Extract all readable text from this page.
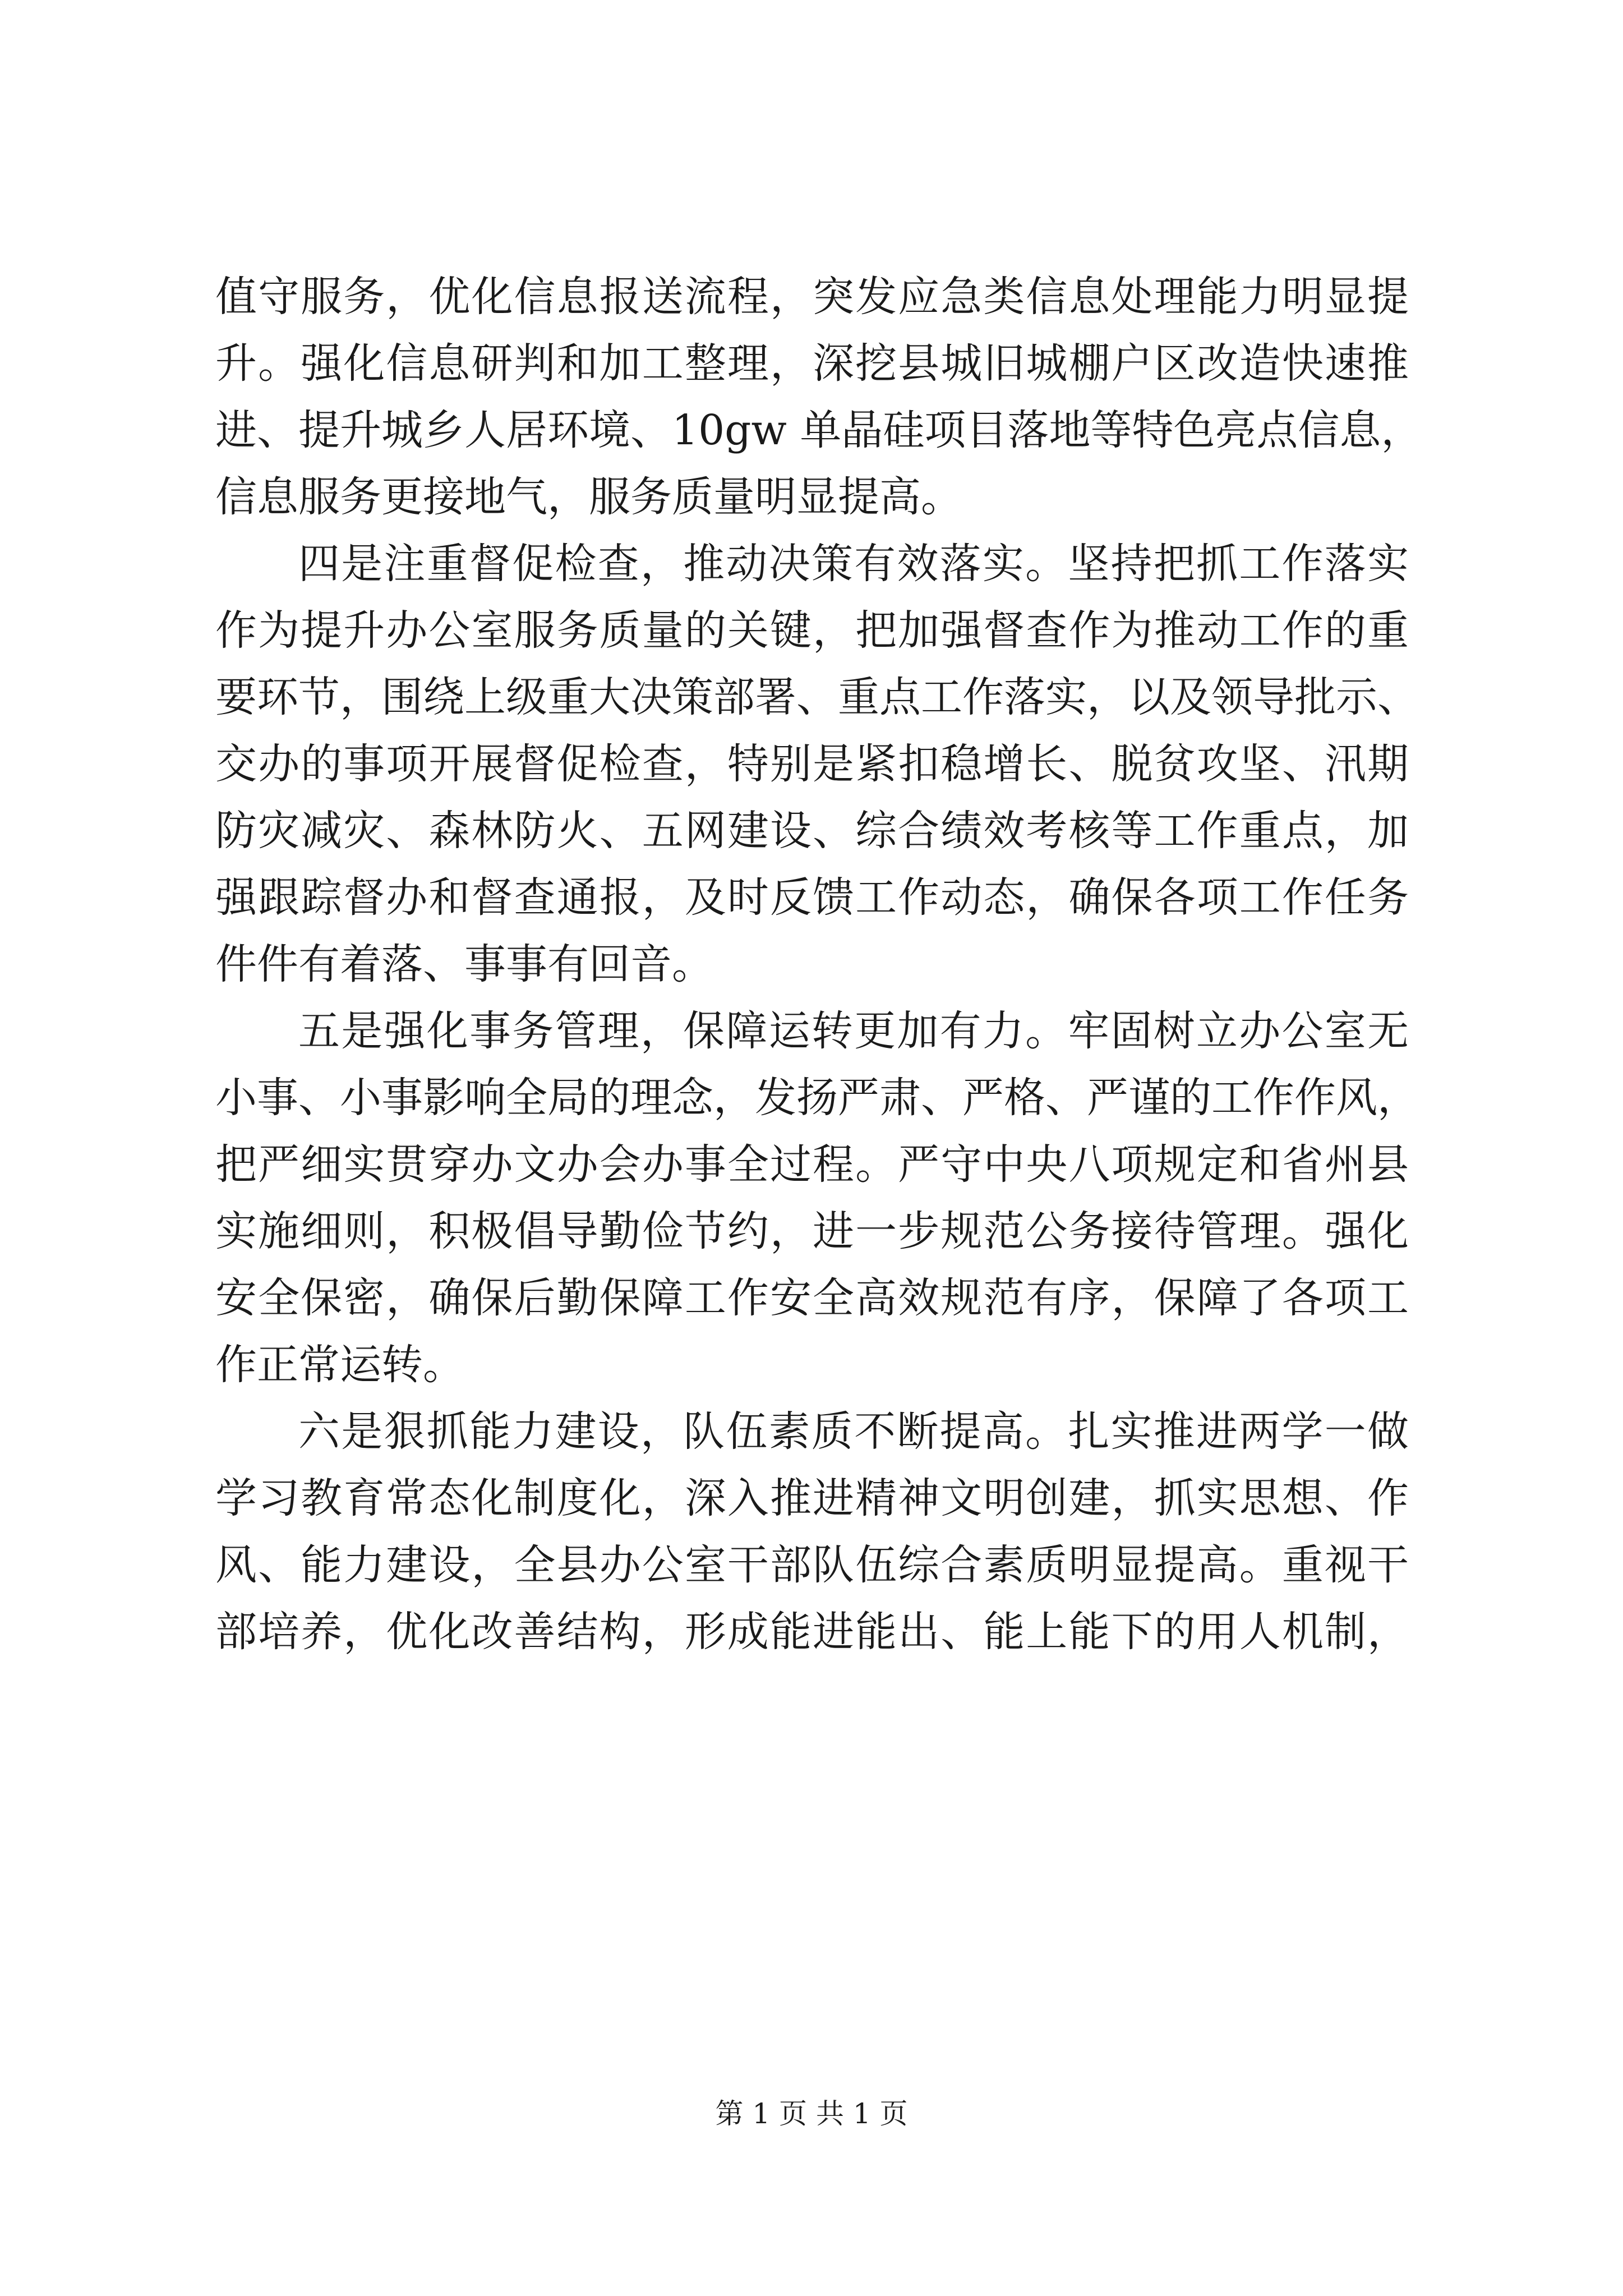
值守服务，优化信息报送流程，突发应急类信息处理能力明显提
升。强化信息研判和加工整理，深挖县城旧城棚户区改造快速推
进、提升城乡人居环境、10gw 单晶硅项目落地等特色亮点信息，
信息服务更接地气，服务质量明显提高。
四是注重督促检查，推动决策有效落实。坚持把抓工作落实
作为提升办公室服务质量的关键，把加强督查作为推动工作的重
要环节，围绕上级重大决策部署、重点工作落实，以及领导批示、
交办的事项开展督促检查，特别是紧扣稳增长、脱贫攻坚、汛期
防灾减灾、森林防火、五网建设、综合绩效考核等工作重点，加
强跟踪督办和督查通报，及时反馈工作动态，确保各项工作任务
件件有着落、事事有回音。
五是强化事务管理，保障运转更加有力。牢固树立办公室无
小事、小事影响全局的理念，发扬严肃、严格、严谨的工作作风，
把严细实贯穿办文办会办事全过程。严守中央八项规定和省州县
实施细则，积极倡导勤俭节约，进一步规范公务接待管理。强化
安全保密，确保后勤保障工作安全高效规范有序，保障了各项工
作正常运转。
六是狠抓能力建设，队伍素质不断提高。扎实推进两学一做
学习教育常态化制度化，深入推进精神文明创建，抓实思想、作
风、能力建设，全县办公室干部队伍综合素质明显提高。重视干
部培养，优化改善结构，形成能进能出、能上能下的用人机制，
第 1 页 共 1 页
